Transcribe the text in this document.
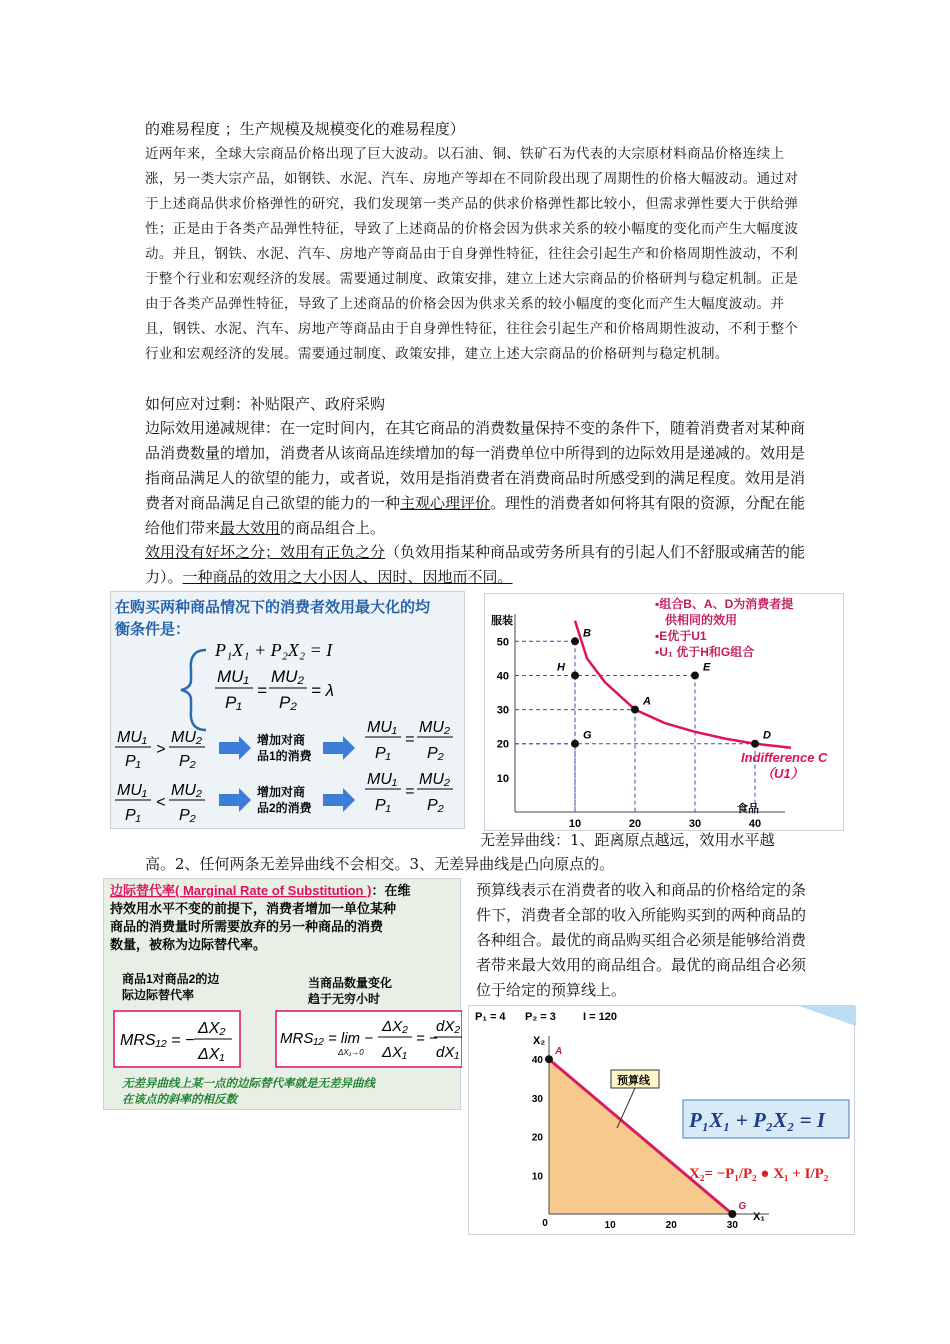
的难易程度 ；生产规模及规模变化的难易程度）
近两年来，全球大宗商品价格出现了巨大波动。以石油、铜、铁矿石为代表的大宗原材料商品价格连续上涨，另一类大宗产品，如钢铁、水泥、汽车、房地产等却在不同阶段出现了周期性的价格大幅波动。通过对于上述商品供求价格弹性的研究，我们发现第一类产品的供求价格弹性都比较小，但需求弹性要大于供给弹性；正是由于各类产品弹性特征，导致了上述商品的价格会因为供求关系的较小幅度的变化而产生大幅度波动。并且，钢铁、水泥、汽车、房地产等商品由于自身弹性特征，往往会引起生产和价格周期性波动，不利于整个行业和宏观经济的发展。需要通过制度、政策安排，建立上述大宗商品的价格研判与稳定机制。正是由于各类产品弹性特征，导致了上述商品的价格会因为供求关系的较小幅度的变化而产生大幅度波动。并且，钢铁、水泥、汽车、房地产等商品由于自身弹性特征，往往会引起生产和价格周期性波动，不利于整个行业和宏观经济的发展。需要通过制度、政策安排，建立上述大宗商品的价格研判与稳定机制。
如何应对过剩：补贴限产、政府采购
边际效用递减规律：在一定时间内，在其它商品的消费数量保持不变的条件下，随着消费者对某种商品消费数量的增加，消费者从该商品连续增加的每一消费单位中所得到的边际效用是递减的。效用是指商品满足人的欲望的能力，或者说，效用是指消费者在消费商品时所感受到的满足程度。效用是消费者对商品满足自己欲望的能力的一种主观心理评价。理性的消费者如何将其有限的资源，分配在能给他们带来最大效用的商品组合上。
效用没有好坏之分；效用有正负之分（负效用指某种商品或劳务所具有的引起人们不舒服或痛苦的能力）。一种商品的效用之大小因人、因时、因地而不同。
在购买两种商品情况下的消费者效用最大化的均
衡条件是：
P₁X₁ + P₂X₂ = I
MU₁
P₁
=
MU₂
P₂
= λ
MU₁
P₁
>
MU₂
P₂
增加对商
品1的消费
MU₁
P₁
=
MU₂
P₂
MU₁
P₁
<
MU₂
P₂
增加对商
品2的消费
MU₁
P₁
=
MU₂
P₂
服装
食品
▪组合B、A、D为消费者提
供相同的效用
▪E优于U1
▪U₁ 优于H和G组合
Indifference C
（U1）
10
20
30
40
50
10	20	30	40
B
H	E
A
G	D
无差异曲线：1、距离原点越远，效用水平越
高。2、任何两条无差异曲线不会相交。3、无差异曲线是凸向原点的。
边际替代率( Marginal Rate of Substitution )：在维
持效用水平不变的前提下，消费者增加一单位某种
商品的消费量时所需要放弃的另一种商品的消费
数量，被称为边际替代率。
商品1对商品2的边
际边际替代率
当商品数量变化
趋于无穷小时
MRS₁₂ = −
ΔX₂
ΔX₁
MRS₁₂ = lim −
ΔX₁→0
ΔX₂
ΔX₁
= −
dX₂
dX₁
无差异曲线上某一点的边际替代率就是无差异曲线
在该点的斜率的相反数
预算线表示在消费者的收入和商品的价格给定的条件下，消费者全部的收入所能购买到的两种商品的各种组合。最优的商品购买组合必须是能够给消费者带来最大效用的商品组合。最优的商品组合必须位于给定的预算线上。
P₁ = 4 P₂ = 3 I = 120
X₂
X₁
0
10
20
30
40
10	20	30
A
G
预算线
P₁X₁ + P₂X₂ = I
X₂= −P₁/P₂ ● X₁ + I/P₂
